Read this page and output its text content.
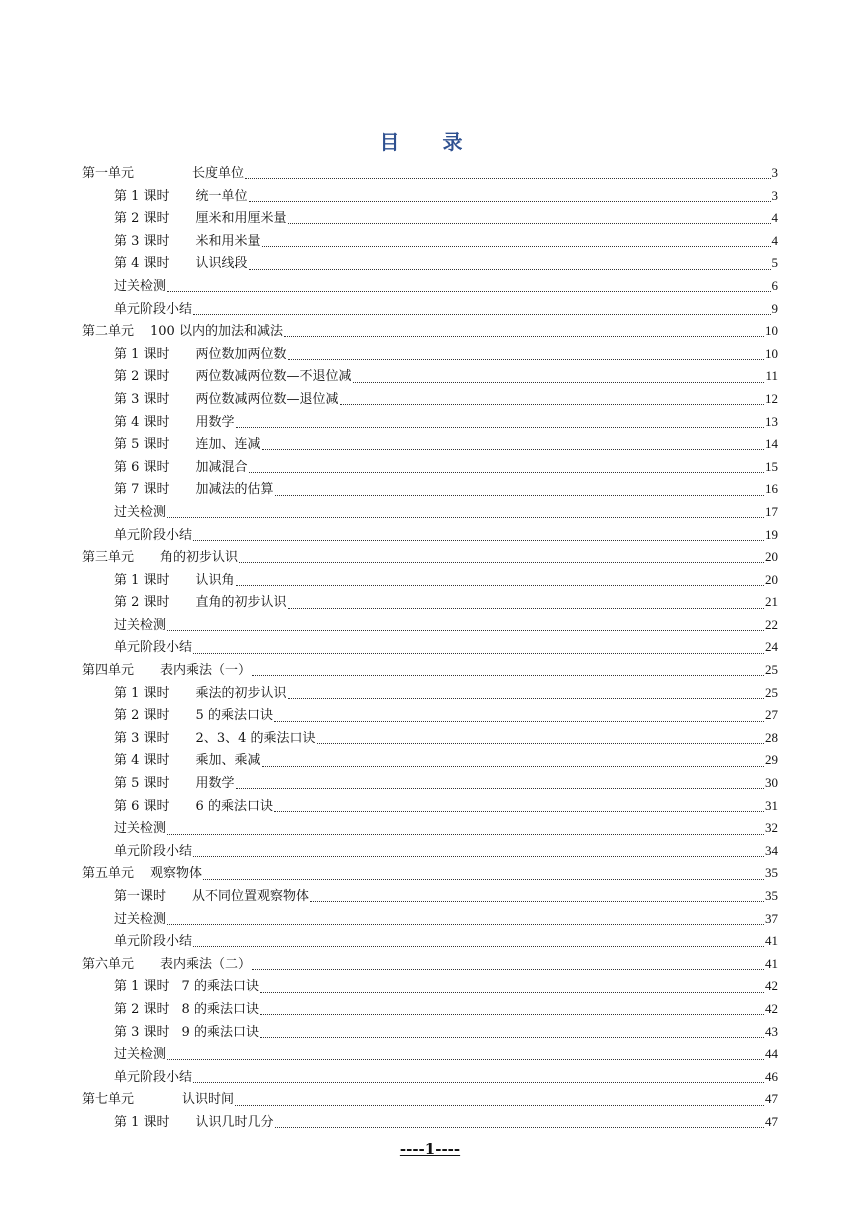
目 录
第一单元	长度单位	3
第 1 课时 统一单位	3
第 2 课时 厘米和用厘米量	4
第 3 课时 米和用米量	4
第 4 课时 认识线段	5
过关检测	6
单元阶段小结	9
第二单元 100 以内的加法和减法	10
第 1 课时 两位数加两位数	10
第 2 课时 两位数减两位数—不退位减	11
第 3 课时 两位数减两位数—退位减	12
第 4 课时 用数学	13
第 5 课时 连加、连减	14
第 6 课时 加减混合	15
第 7 课时 加减法的估算	16
过关检测	17
单元阶段小结	19
第三单元 角的初步认识	20
第 1 课时 认识角	20
第 2 课时 直角的初步认识	21
过关检测	22
单元阶段小结	24
第四单元 表内乘法（一）	25
第 1 课时 乘法的初步认识	25
第 2 课时 5 的乘法口诀	27
第 3 课时 2、3、4 的乘法口诀	28
第 4 课时 乘加、乘减	29
第 5 课时 用数学	30
第 6 课时 6 的乘法口诀	31
过关检测	32
单元阶段小结	34
第五单元 观察物体	35
第一课时 从不同位置观察物体	35
过关检测	37
单元阶段小结	41
第六单元 表内乘法（二）	41
第 1 课时 7 的乘法口诀	42
第 2 课时 8 的乘法口诀	42
第 3 课时 9 的乘法口诀	43
过关检测	44
单元阶段小结	46
第七单元	认识时间	47
第 1 课时 认识几时几分	47
----1----
